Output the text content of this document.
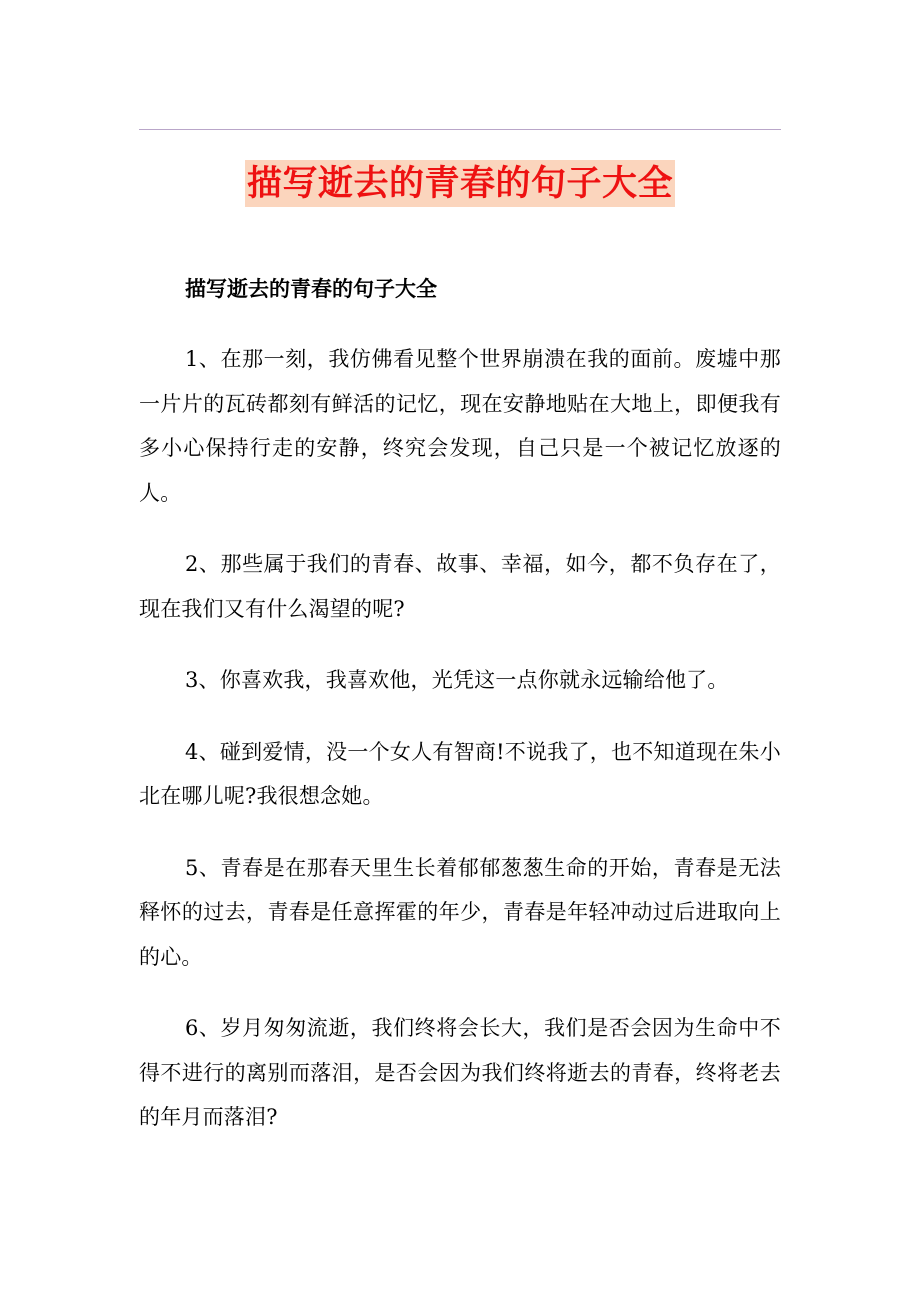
描写逝去的青春的句子大全

描写逝去的青春的句子大全

1、在那一刻，我仿佛看见整个世界崩溃在我的面前。废墟中那一片片的瓦砖都刻有鲜活的记忆，现在安静地贴在大地上，即便我有多小心保持行走的安静，终究会发现，自己只是一个被记忆放逐的人。

2、那些属于我们的青春、故事、幸福，如今，都不负存在了，现在我们又有什么渴望的呢?

3、你喜欢我，我喜欢他，光凭这一点你就永远输给他了。

4、碰到爱情，没一个女人有智商!不说我了，也不知道现在朱小北在哪儿呢?我很想念她。

5、青春是在那春天里生长着郁郁葱葱生命的开始，青春是无法释怀的过去，青春是任意挥霍的年少，青春是年轻冲动过后进取向上的心。

6、岁月匆匆流逝，我们终将会长大，我们是否会因为生命中不得不进行的离别而落泪，是否会因为我们终将逝去的青春，终将老去的年月而落泪?
